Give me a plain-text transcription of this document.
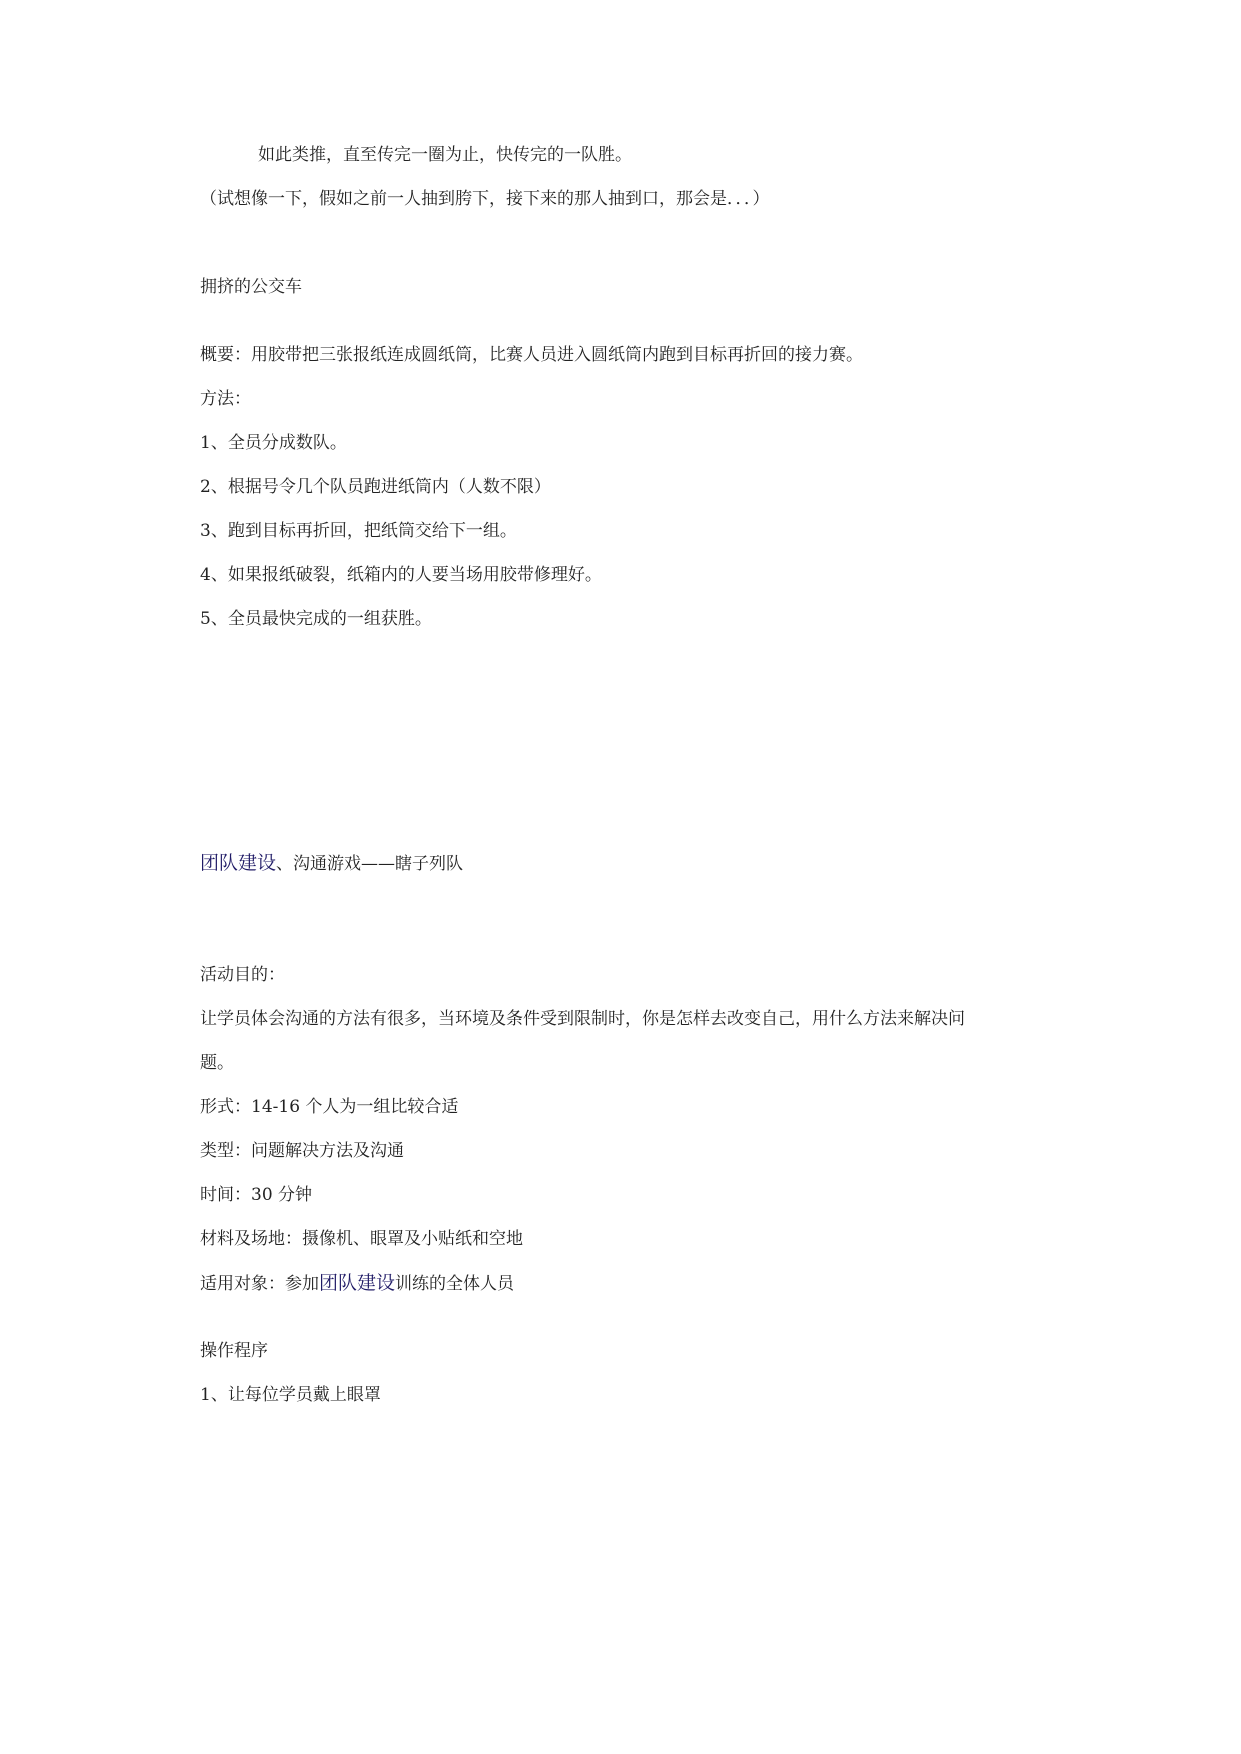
如此类推，直至传完一圈为止，快传完的一队胜。

（试想像一下，假如之前一人抽到胯下，接下来的那人抽到口，那会是．．．）

拥挤的公交车

概要：用胶带把三张报纸连成圆纸筒，比赛人员进入圆纸筒内跑到目标再折回的接力赛。

方法：

1、全员分成数队。

2、根据号令几个队员跑进纸筒内（人数不限）

3、跑到目标再折回，把纸筒交给下一组。

4、如果报纸破裂，纸箱内的人要当场用胶带修理好。

5、全员最快完成的一组获胜。

团队建设、沟通游戏——瞎子列队

活动目的：

让学员体会沟通的方法有很多，当环境及条件受到限制时，你是怎样去改变自己，用什么方法来解决问

题。

形式：14-16 个人为一组比较合适

类型：问题解决方法及沟通

时间：30 分钟

材料及场地：摄像机、眼罩及小贴纸和空地

适用对象：参加团队建设训练的全体人员

操作程序

1、让每位学员戴上眼罩
